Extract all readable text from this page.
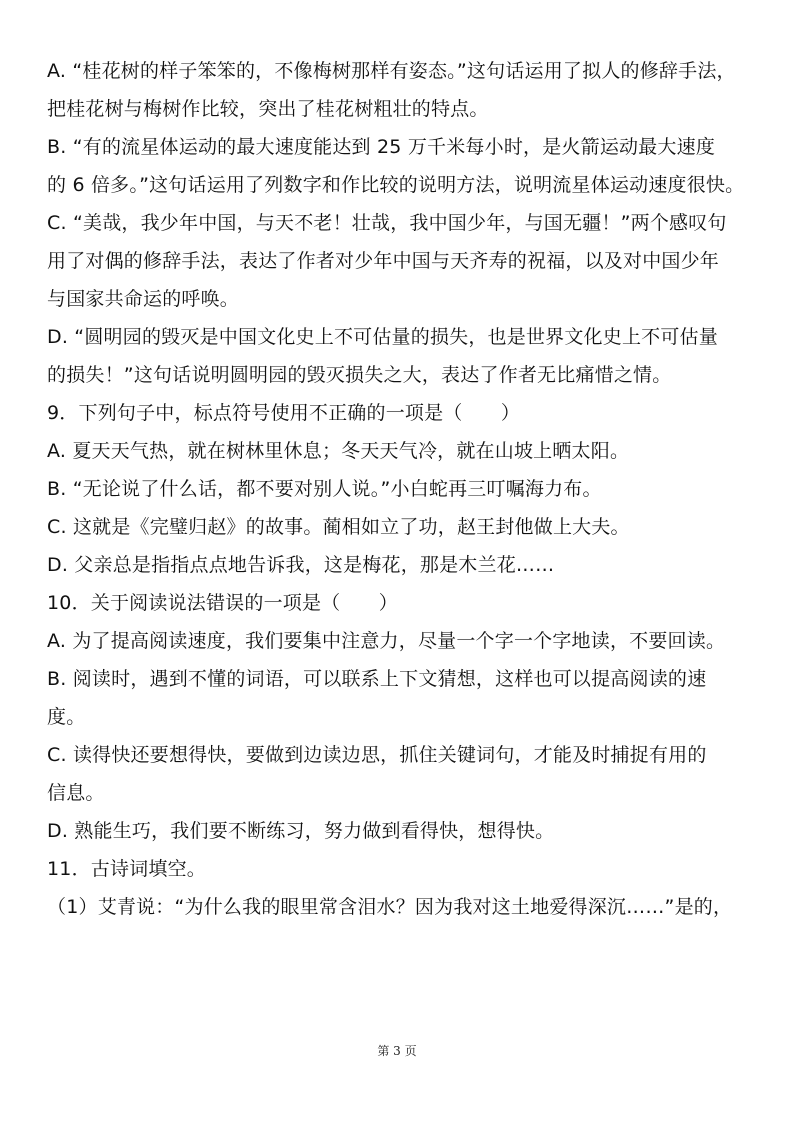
A. “桂花树的样子笨笨的，不像梅树那样有姿态。”这句话运用了拟人的修辞手法，
把桂花树与梅树作比较，突出了桂花树粗壮的特点。
B. “有的流星体运动的最大速度能达到 25 万千米每小时，是火箭运动最大速度
的 6 倍多。”这句话运用了列数字和作比较的说明方法，说明流星体运动速度很快。
C. “美哉，我少年中国，与天不老！壮哉，我中国少年，与国无疆！”两个感叹句
用了对偶的修辞手法，表达了作者对少年中国与天齐寿的祝福，以及对中国少年
与国家共命运的呼唤。
D. “圆明园的毁灭是中国文化史上不可估量的损失，也是世界文化史上不可估量
的损失！”这句话说明圆明园的毁灭损失之大，表达了作者无比痛惜之情。
9．下列句子中，标点符号使用不正确的一项是（　　）
A. 夏天天气热，就在树林里休息；冬天天气冷，就在山坡上晒太阳。
B. “无论说了什么话，都不要对别人说。”小白蛇再三叮嘱海力布。
C. 这就是《完璧归赵》的故事。蔺相如立了功，赵王封他做上大夫。
D. 父亲总是指指点点地告诉我，这是梅花，那是木兰花……
10．关于阅读说法错误的一项是（　　）
A. 为了提高阅读速度，我们要集中注意力，尽量一个字一个字地读，不要回读。
B. 阅读时，遇到不懂的词语，可以联系上下文猜想，这样也可以提高阅读的速
度。
C. 读得快还要想得快，要做到边读边思，抓住关键词句，才能及时捕捉有用的
信息。
D. 熟能生巧，我们要不断练习，努力做到看得快，想得快。
11．古诗词填空。
（1）艾青说：“为什么我的眼里常含泪水？因为我对这土地爱得深沉……”是的，
第 3 页
